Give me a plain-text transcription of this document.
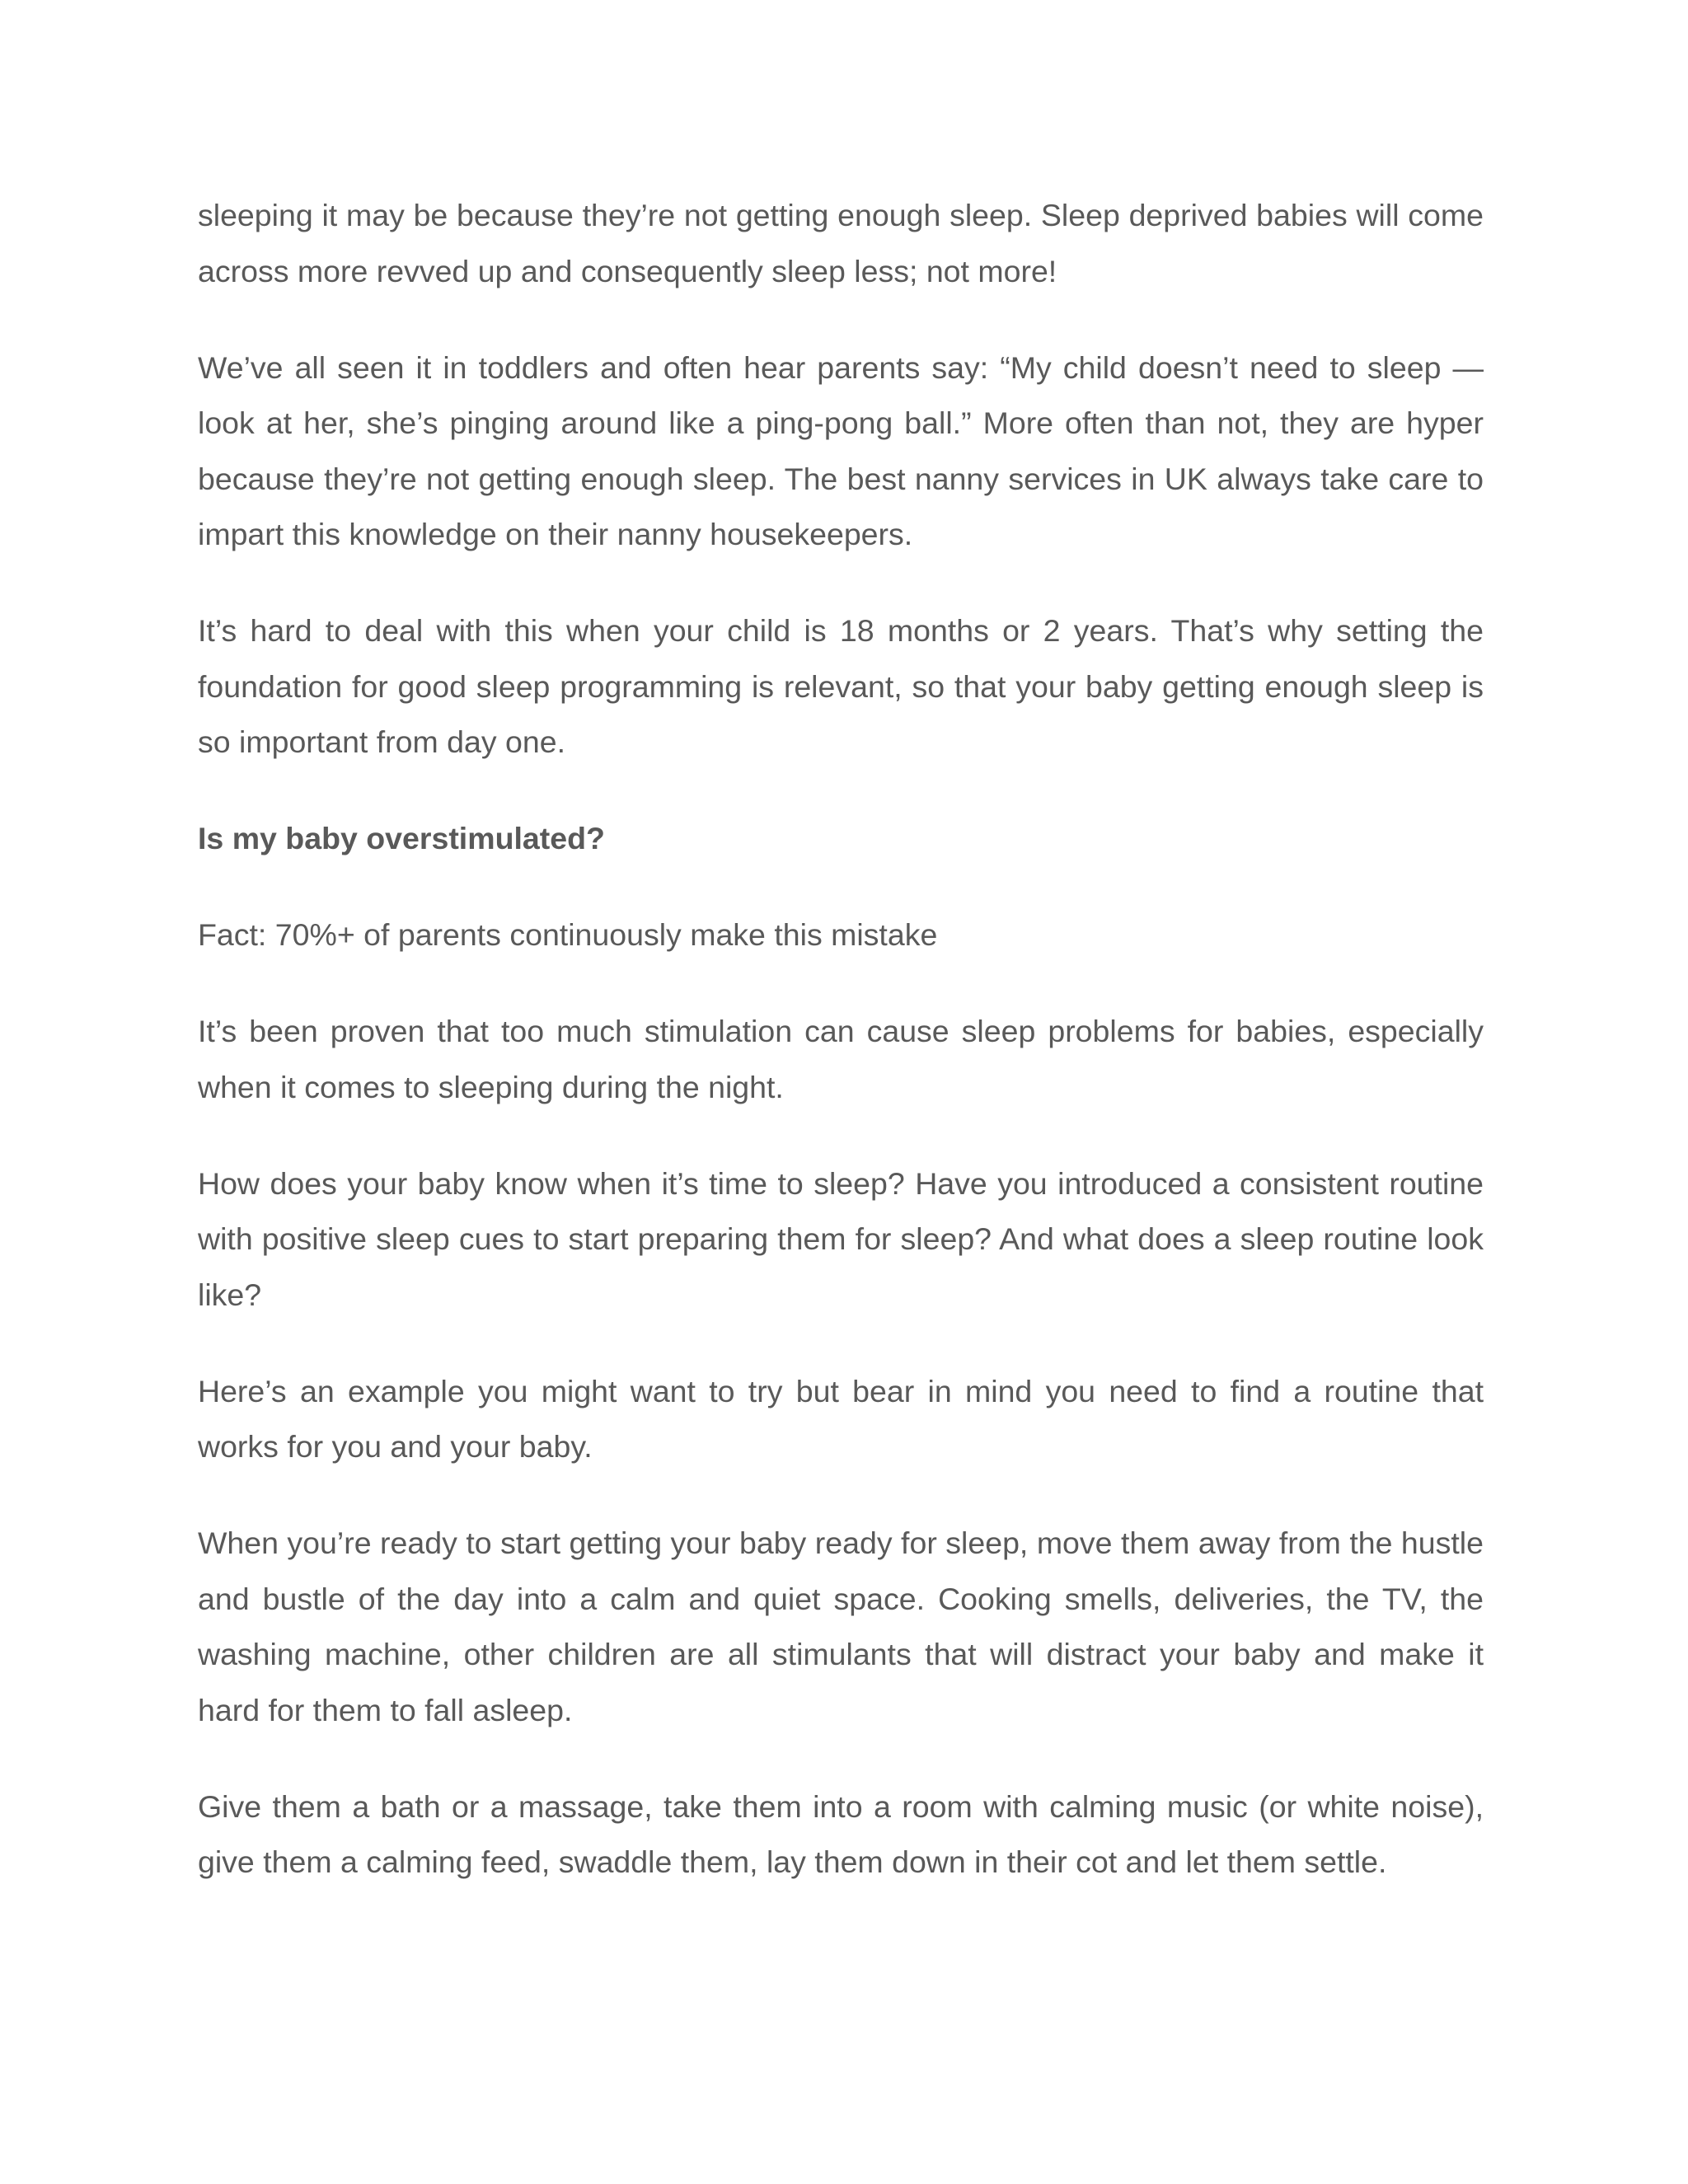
sleeping it may be because they’re not getting enough sleep. Sleep deprived babies will come across more revved up and consequently sleep less; not more!

We’ve all seen it in toddlers and often hear parents say: “My child doesn’t need to sleep — look at her, she’s pinging around like a ping-pong ball.” More often than not, they are hyper because they’re not getting enough sleep. The best nanny services in UK always take care to impart this knowledge on their nanny housekeepers.

It’s hard to deal with this when your child is 18 months or 2 years. That’s why setting the foundation for good sleep programming is relevant, so that your baby getting enough sleep is so important from day one.

Is my baby overstimulated?

Fact: 70%+ of parents continuously make this mistake

It’s been proven that too much stimulation can cause sleep problems for babies, especially when it comes to sleeping during the night.

How does your baby know when it’s time to sleep? Have you introduced a consistent routine with positive sleep cues to start preparing them for sleep? And what does a sleep routine look like?

Here’s an example you might want to try but bear in mind you need to find a routine that works for you and your baby.

When you’re ready to start getting your baby ready for sleep, move them away from the hustle and bustle of the day into a calm and quiet space. Cooking smells, deliveries, the TV, the washing machine, other children are all stimulants that will distract your baby and make it hard for them to fall asleep.

Give them a bath or a massage, take them into a room with calming music (or white noise), give them a calming feed, swaddle them, lay them down in their cot and let them settle.
